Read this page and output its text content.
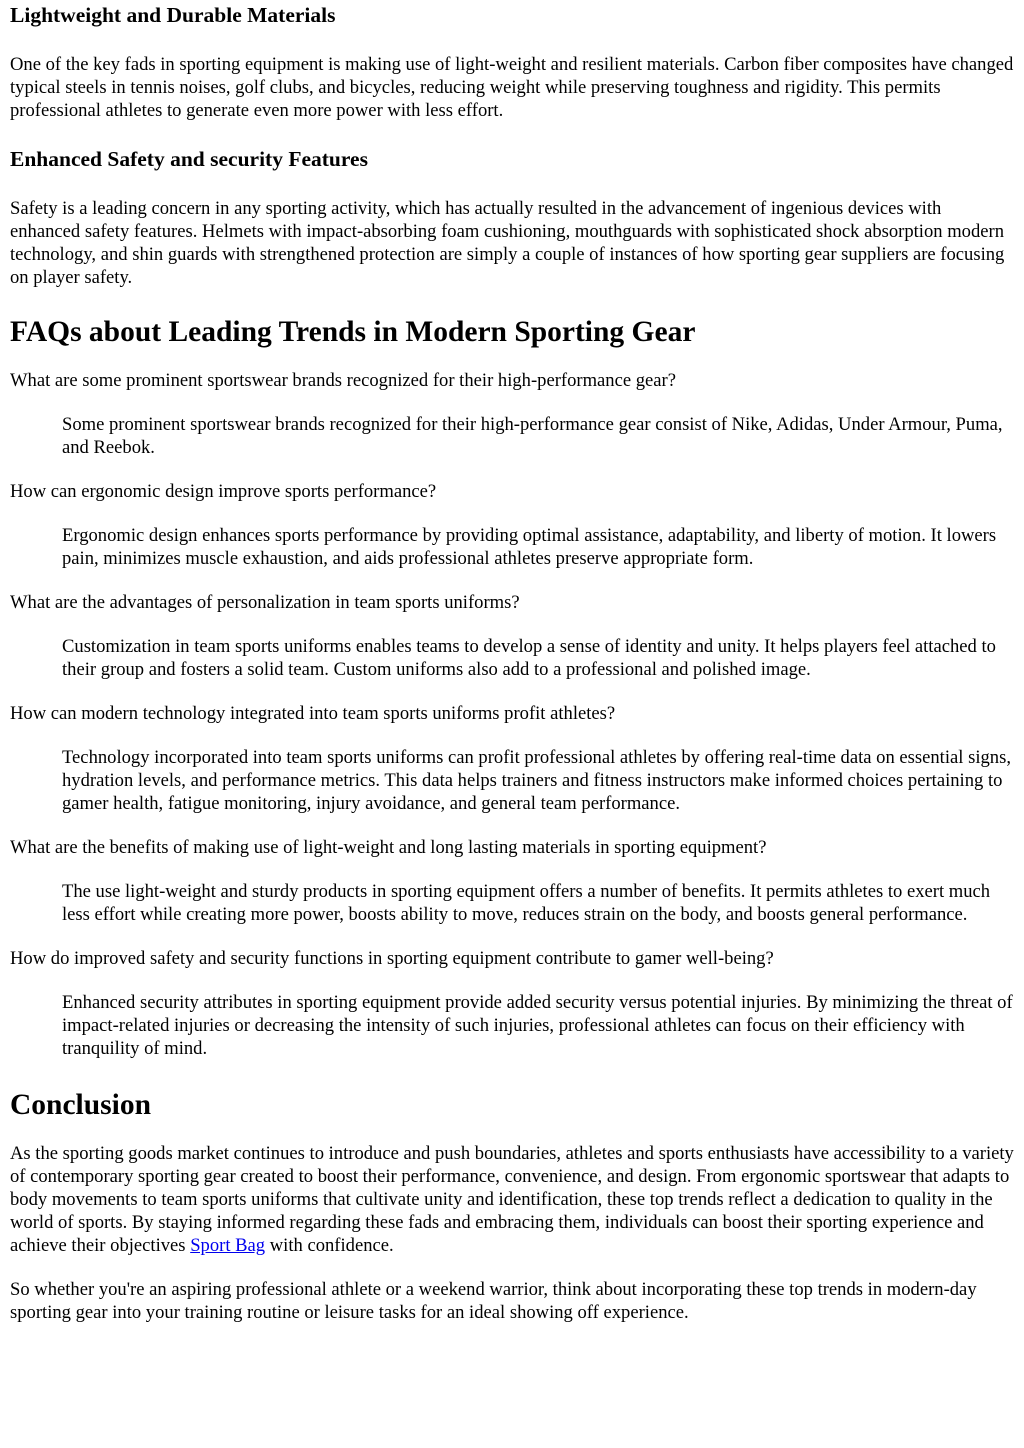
Lightweight and Durable Materials

One of the key fads in sporting equipment is making use of light-weight and resilient materials. Carbon fiber composites have changed typical steels in tennis noises, golf clubs, and bicycles, reducing weight while preserving toughness and rigidity. This permits professional athletes to generate even more power with less effort.

Enhanced Safety and security Features

Safety is a leading concern in any sporting activity, which has actually resulted in the advancement of ingenious devices with enhanced safety features. Helmets with impact-absorbing foam cushioning, mouthguards with sophisticated shock absorption modern technology, and shin guards with strengthened protection are simply a couple of instances of how sporting gear suppliers are focusing on player safety.

FAQs about Leading Trends in Modern Sporting Gear
What are some prominent sportswear brands recognized for their high-performance gear?
Some prominent sportswear brands recognized for their high-performance gear consist of Nike, Adidas, Under Armour, Puma, and Reebok.
How can ergonomic design improve sports performance?
Ergonomic design enhances sports performance by providing optimal assistance, adaptability, and liberty of motion. It lowers pain, minimizes muscle exhaustion, and aids professional athletes preserve appropriate form.
What are the advantages of personalization in team sports uniforms?
Customization in team sports uniforms enables teams to develop a sense of identity and unity. It helps players feel attached to their group and fosters a solid team. Custom uniforms also add to a professional and polished image.
How can modern technology integrated into team sports uniforms profit athletes?
Technology incorporated into team sports uniforms can profit professional athletes by offering real-time data on essential signs, hydration levels, and performance metrics. This data helps trainers and fitness instructors make informed choices pertaining to gamer health, fatigue monitoring, injury avoidance, and general team performance.
What are the benefits of making use of light-weight and long lasting materials in sporting equipment?
The use light-weight and sturdy products in sporting equipment offers a number of benefits. It permits athletes to exert much less effort while creating more power, boosts ability to move, reduces strain on the body, and boosts general performance.
How do improved safety and security functions in sporting equipment contribute to gamer well-being?
Enhanced security attributes in sporting equipment provide added security versus potential injuries. By minimizing the threat of impact-related injuries or decreasing the intensity of such injuries, professional athletes can focus on their efficiency with tranquility of mind.
Conclusion

As the sporting goods market continues to introduce and push boundaries, athletes and sports enthusiasts have accessibility to a variety of contemporary sporting gear created to boost their performance, convenience, and design. From ergonomic sportswear that adapts to body movements to team sports uniforms that cultivate unity and identification, these top trends reflect a dedication to quality in the world of sports. By staying informed regarding these fads and embracing them, individuals can boost their sporting experience and achieve their objectives Sport Bag with confidence.

So whether you're an aspiring professional athlete or a weekend warrior, think about incorporating these top trends in modern-day sporting gear into your training routine or leisure tasks for an ideal showing off experience.
